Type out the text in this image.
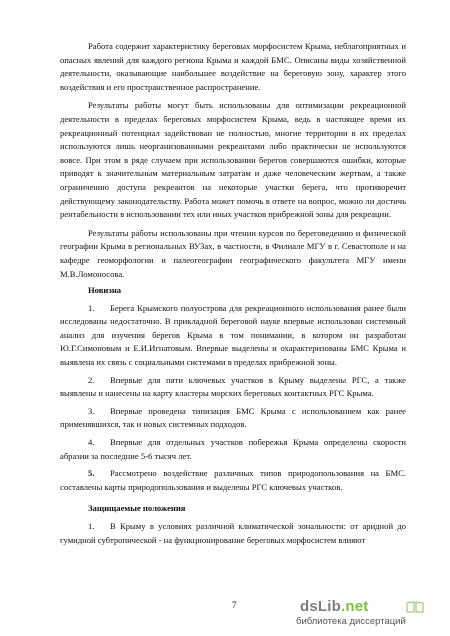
Работа содержит характеристику береговых морфосистем Крыма, неблагоприятных и опасных явлений для каждого региона Крыма и каждой БМС. Описаны виды хозяйственной деятельности, оказывающие наибольшее воздействие на береговую зону, характер этого воздействия и его пространственное распространение.

Результаты работы могут быть использованы для оптимизации рекреационной деятельности в пределах береговых морфосистем Крыма, ведь в настоящее время их рекреационный потенциал задействован не полностью, многие территории в их пределах используются лишь неорганизованными рекреантами либо практически не используются вовсе. При этом в ряде случаем при использовании берегов совершаются ошибки, которые приводят к значительным материальным затратам и даже человеческим жертвам, а также ограничению доступа рекреантов на некоторые участки берега, что противоречит действующему законодательству. Работа может помочь в ответе на вопрос, можно ли достичь рентабельности в использовании тех или иных участков прибрежной зоны для рекреации.

Результаты работы использованы при чтении курсов по береговедению и физической географии Крыма в региональных ВУЗах, в частности, в Филиале МГУ в г. Севастополе и на кафедре геоморфологии и палеогеографии географического факультета МГУ имени М.В.Ломоносова.

Новизна

1. Берега Крымского полуострова для рекреационного использования ранее были исследованы недостаточно. В прикладной береговой науке впервые использован системный анализ для изучения берегов Крыма в том понимании, в котором он разработан Ю.Г.Симоновым и Е.И.Игнатовым. Впервые выделены и охарактеризованы БМС Крыма и выявлена их связь с социальными системами в пределах прибрежной зоны.

2. Впервые для пяти ключевых участков в Крыму выделены РГС, а также выявлены и нанесены на карту кластеры морских береговых контактных РГС Крыма.

3. Впервые проведена типизация БМС Крыма с использованием как ранее применявшихся, так и новых системных подходов.

4. Впервые для отдельных участков побережья Крыма определены скорости абразии за последние 5-6 тысяч лет.

5. Рассмотрено воздействие различных типов природопользования на БМС. составлены карты природопользования и выделены РГС ключевых участков.

Защищаемые положения

1. В Крыму в условиях различной климатической зональности: от аридной до гумидной субтропической - на функционирование береговых морфосистем влияют

7	dsLib.net
библиотека диссертаций
